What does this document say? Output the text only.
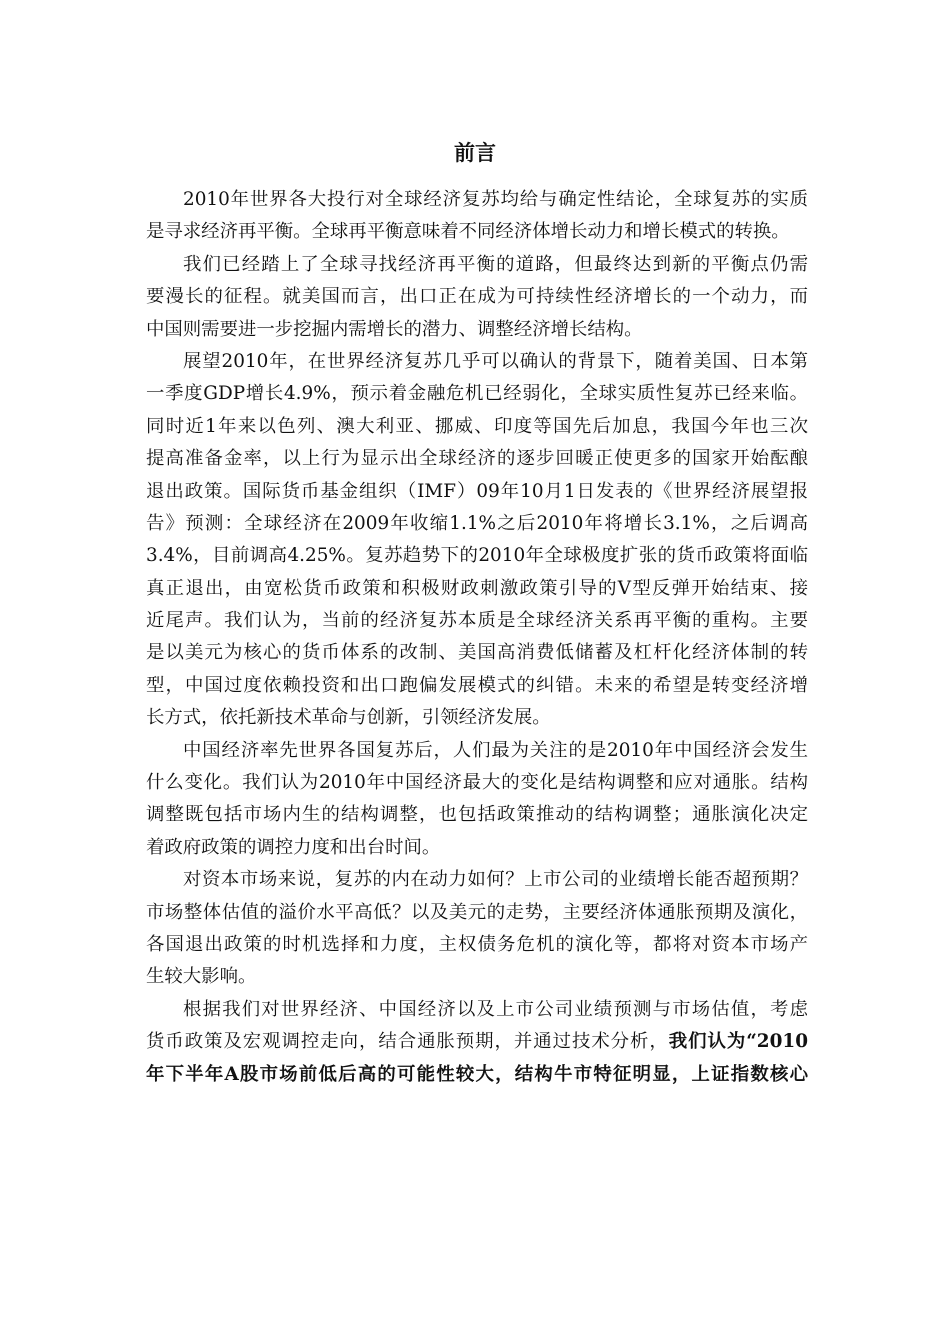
前言
2010年世界各大投行对全球经济复苏均给与确定性结论，全球复苏的实质
是寻求经济再平衡。全球再平衡意味着不同经济体增长动力和增长模式的转换。
我们已经踏上了全球寻找经济再平衡的道路，但最终达到新的平衡点仍需
要漫长的征程。就美国而言，出口正在成为可持续性经济增长的一个动力，而
中国则需要进一步挖掘内需增长的潜力、调整经济增长结构。
展望2010年，在世界经济复苏几乎可以确认的背景下，随着美国、日本第
一季度GDP增长4.9%，预示着金融危机已经弱化，全球实质性复苏已经来临。
同时近1年来以色列、澳大利亚、挪威、印度等国先后加息，我国今年也三次
提高准备金率，以上行为显示出全球经济的逐步回暖正使更多的国家开始酝酿
退出政策。国际货币基金组织（IMF）09年10月1日发表的《世界经济展望报
告》预测：全球经济在2009年收缩1.1%之后2010年将增长3.1%，之后调高
3.4%，目前调高4.25%。复苏趋势下的2010年全球极度扩张的货币政策将面临
真正退出，由宽松货币政策和积极财政刺激政策引导的V型反弹开始结束、接
近尾声。我们认为，当前的经济复苏本质是全球经济关系再平衡的重构。主要
是以美元为核心的货币体系的改制、美国高消费低储蓄及杠杆化经济体制的转
型，中国过度依赖投资和出口跑偏发展模式的纠错。未来的希望是转变经济增
长方式，依托新技术革命与创新，引领经济发展。
中国经济率先世界各国复苏后，人们最为关注的是2010年中国经济会发生
什么变化。我们认为2010年中国经济最大的变化是结构调整和应对通胀。结构
调整既包括市场内生的结构调整，也包括政策推动的结构调整；通胀演化决定
着政府政策的调控力度和出台时间。
对资本市场来说，复苏的内在动力如何？上市公司的业绩增长能否超预期？
市场整体估值的溢价水平高低？以及美元的走势，主要经济体通胀预期及演化，
各国退出政策的时机选择和力度，主权债务危机的演化等，都将对资本市场产
生较大影响。
根据我们对世界经济、中国经济以及上市公司业绩预测与市场估值，考虑
货币政策及宏观调控走向，结合通胀预期，并通过技术分析，我们认为“2010
年下半年A股市场前低后高的可能性较大，结构牛市特征明显，上证指数核心
